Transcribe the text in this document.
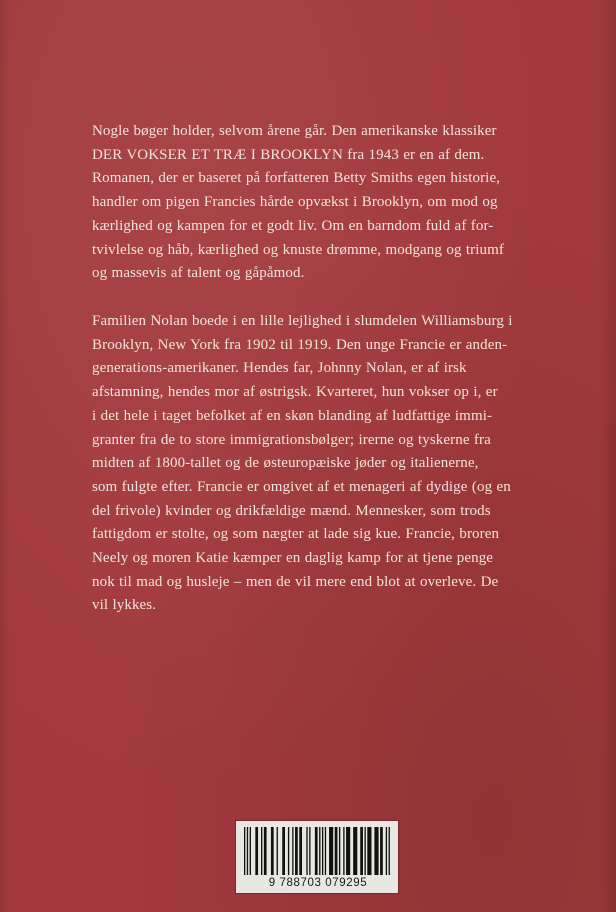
Nogle bøger holder, selvom årene går. Den amerikanske klassiker
DER VOKSER ET TRÆ I BROOKLYN fra 1943 er en af dem.
Romanen, der er baseret på forfatteren Betty Smiths egen historie,
handler om pigen Francies hårde opvækst i Brooklyn, om mod og
kærlighed og kampen for et godt liv. Om en barndom fuld af for-
tvivlelse og håb, kærlighed og knuste drømme, modgang og triumf
og massevis af talent og gåpåmod.
Familien Nolan boede i en lille lejlighed i slumdelen Williamsburg i
Brooklyn, New York fra 1902 til 1919. Den unge Francie er anden-
generations-amerikaner. Hendes far, Johnny Nolan, er af irsk
afstamning, hendes mor af østrigsk. Kvarteret, hun vokser op i, er
i det hele i taget befolket af en skøn blanding af ludfattige immi-
granter fra de to store immigrationsbølger; irerne og tyskerne fra
midten af 1800-tallet og de østeuropæiske jøder og italienerne,
som fulgte efter. Francie er omgivet af et menageri af dydige (og en
del frivole) kvinder og drikfældige mænd. Mennesker, som trods
fattigdom er stolte, og som nægter at lade sig kue. Francie, broren
Neely og moren Katie kæmper en daglig kamp for at tjene penge
nok til mad og husleje – men de vil mere end blot at overleve. De
vil lykkes.
9 788703 079295
